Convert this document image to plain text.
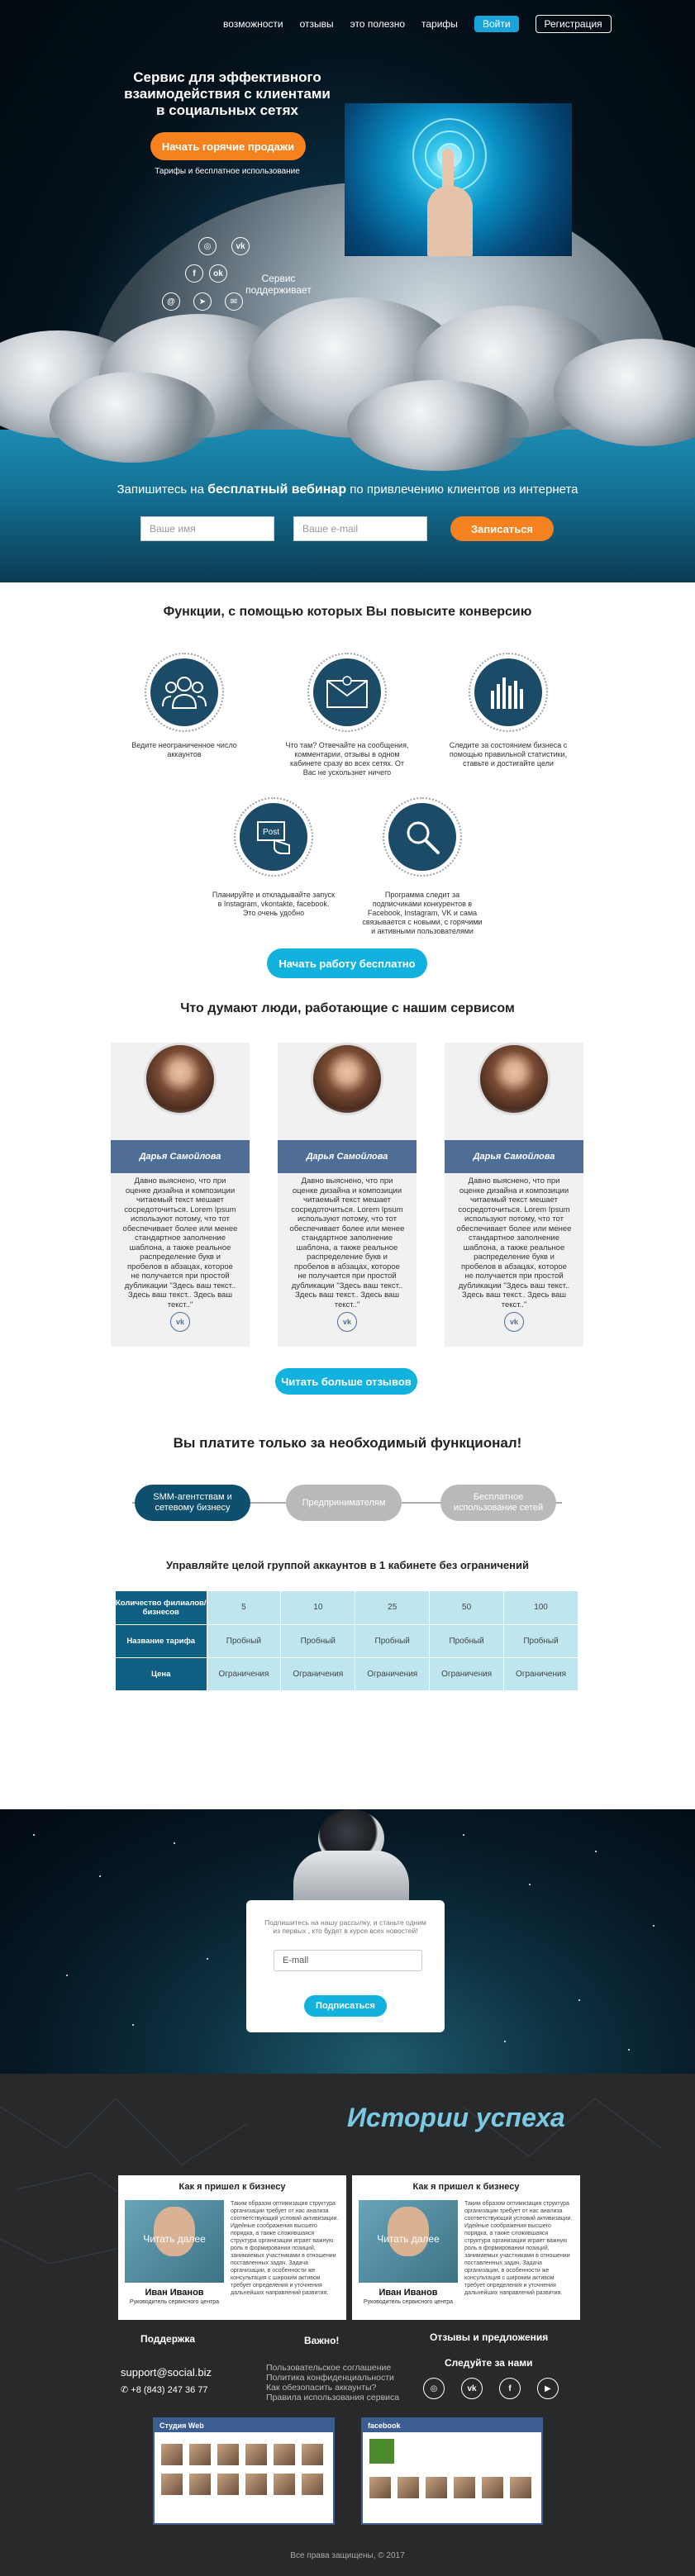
возможности отзывы это полезно тарифы	Войти	Регистрация
Сервис для эффективного взаимодействия с клиентами в социальных сетях
Начать горячие продажи
Тарифы и бесплатное использование
◎
f
vk
ok
@	➤	✉
Сервис поддерживает
Запишитесь на бесплатный вебинар по привлечению клиентов из интернета
Ваше имя	Ваше e-mail	Записаться
Функции, с помощью которых Вы повысите конверсию
Ведите неограниченное число аккаунтов
Что там? Отвечайте на сообщения, комментарии, отзывы в одном кабинете сразу во всех сетях. От Вас не ускользнет ничего
Следите за состоянием бизнеса с помощью правильной статистики, ставьте и достигайте цели
Post
Планируйте и откладывайте запуск в Instagram, vkontakte, facebook. Это очень удобно
Программа следит за подписчиками конкурентов в Facebook, Instagram, VK и сама связывается с новыми, с горячими и активными пользователями
Начать работу бесплатно
Что думают люди, работающие с нашим сервисом
Дарья Самойлова
Давно выяснено, что при оценке дизайна и композиции читаемый текст мешает сосредоточиться. Lorem Ipsum используют потому, что тот обеспечивает более или менее стандартное заполнение шаблона, а также реальное распределение букв и пробелов в абзацах, которое не получается при простой дубликации "Здесь ваш текст.. Здесь ваш текст.. Здесь ваш текст.."
vk
Дарья Самойлова
Давно выяснено, что при оценке дизайна и композиции читаемый текст мешает сосредоточиться. Lorem Ipsum используют потому, что тот обеспечивает более или менее стандартное заполнение шаблона, а также реальное распределение букв и пробелов в абзацах, которое не получается при простой дубликации "Здесь ваш текст.. Здесь ваш текст.. Здесь ваш текст.."
vk
Дарья Самойлова
Давно выяснено, что при оценке дизайна и композиции читаемый текст мешает сосредоточиться. Lorem Ipsum используют потому, что тот обеспечивает более или менее стандартное заполнение шаблона, а также реальное распределение букв и пробелов в абзацах, которое не получается при простой дубликации "Здесь ваш текст.. Здесь ваш текст.. Здесь ваш текст.."
vk
Читать больше отзывов
Вы платите только за необходимый функционал!
SMM-агентствам и сетевому бизнесу
Предпринимателям
Бесплатное использование сетей
Управляйте целой группой аккаунтов в 1 кабинете без ограничений
Количество филиалов/бизнесов	5	10	25	50	100
Название тарифа	Пробный	Пробный	Пробный	Пробный	Пробный
Цена	Ограничения	Ограничения	Ограничения	Ограничения	Ограничения
Подпишитесь на нашу рассылку, и станьте одним из первых , кто будет в курсе всех новостей!
E-mail
Подписаться
Истории успеха
Как я пришел к бизнесу
Читать далее
Иван Иванов
Руководитель сервисного центра
Таким образом оптимизация структура организации требует от нас анализа соответствующий условий активизации. Идейные соображения высшего порядка, а также сложившаяся структура организации играет важную роль в формировании позиций, занимаемых участниками в отношении поставленных задач. Задача организации, в особенности же консультация с широким активом требует определения и уточнения дальнейших направлений развития.
Как я пришел к бизнесу
Читать далее
Иван Иванов
Руководитель сервисного центра
Таким образом оптимизация структура организации требует от нас анализа соответствующий условий активизации. Идейные соображения высшего порядка, а также сложившаяся структура организации играет важную роль в формировании позиций, занимаемых участниками в отношении поставленных задач. Задача организации, в особенности же консультация с широким активом требует определения и уточнения дальнейших направлений развития.
Поддержка
support@social.biz
✆ +8 (843) 247 36 77
Важно!
Пользовательское соглашение
Политика конфиденциальности
Как обезопасить аккаунты?
Правила использования сервиса
Отзывы и предложения
Следуйте за нами
◎	vk	f	▶
Студия Web	facebook
Все права защищены, © 2017
